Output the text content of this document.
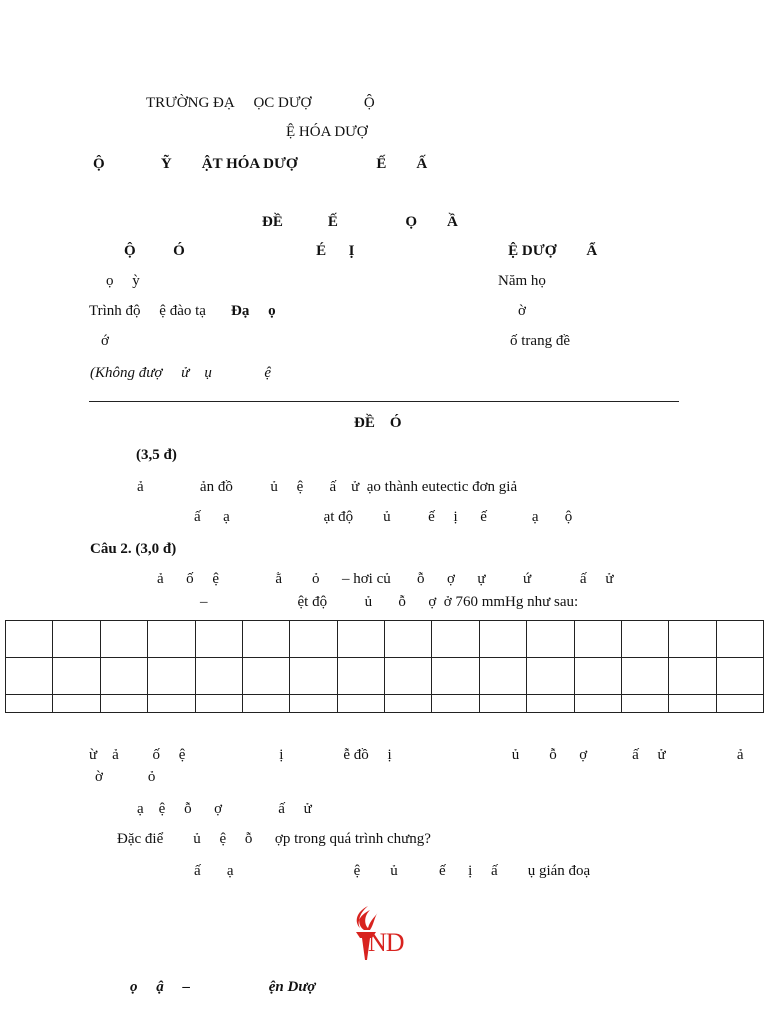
TRƯỜNG ĐẠ     ỌC DƯỢ              Ộ
Ệ HÓA DƯỢ
Ộ               Ỹ        ẬT HÓA DƯỢ                     Ế        Ấ
ĐỀ            Ế                  Ọ        Ầ
Ộ          Ó                                   É      Ị                                         Ệ DƯỢ        Ẩ
ọ     ỳ	Năm họ
Trình độ     ệ đào tạ Đạ     ọ	ờ
ớ	ố trang đề
(Không đượ     ử    ụ              ệ
ĐỀ    Ó
(3,5 đ)
ả               ản đồ          ủ     ệ       ấ    ử  ạo thành eutectic đơn giả
ấ      ạ                         ạt độ        ủ          ế     ị      ế            ạ       ộ
Câu 2. (3,0 đ)
ả      ố     ệ               ằ        ỏ      – hơi củ       ỗ      ợ      ự          ứ             ấ     ử
–                        ệt độ          ủ       ỗ      ợ  ở 760 mmHg như sau:

ừ    ả         ố     ệ                         ị                ễ đồ     ị                                ủ        ỗ      ợ            ấ     ử                   ả
ờ            ỏ
ạ    ệ     ỗ      ợ               ấ     ử
Đặc điể        ủ     ệ     ỗ      ợp trong quá trình chưng?
ấ       ạ                                ệ        ủ           ế      ị     ấ        ụ gián đoạ
ND
ọ     ậ     –                     ện Dượ
